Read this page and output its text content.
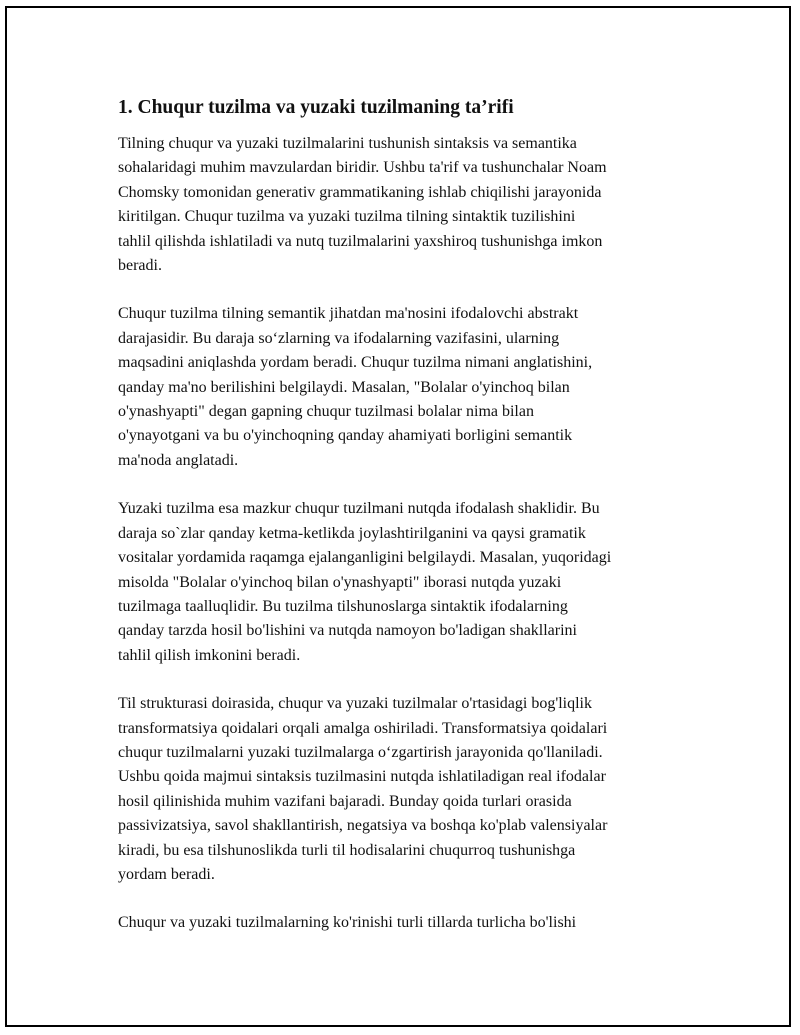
1. Chuqur tuzilma va yuzaki tuzilmaning ta’rifi

Tilning chuqur va yuzaki tuzilmalarini tushunish sintaksis va semantika
sohalaridagi muhim mavzulardan biridir. Ushbu ta'rif va tushunchalar Noam
Chomsky tomonidan generativ grammatikaning ishlab chiqilishi jarayonida
kiritilgan. Chuqur tuzilma va yuzaki tuzilma tilning sintaktik tuzilishini
tahlil qilishda ishlatiladi va nutq tuzilmalarini yaxshiroq tushunishga imkon
beradi.

Chuqur tuzilma tilning semantik jihatdan ma'nosini ifodalovchi abstrakt
darajasidir. Bu daraja so‘zlarning va ifodalarning vazifasini, ularning
maqsadini aniqlashda yordam beradi. Chuqur tuzilma nimani anglatishini,
qanday ma'no berilishini belgilaydi. Masalan, "Bolalar o'yinchoq bilan
o'ynashyapti" degan gapning chuqur tuzilmasi bolalar nima bilan
o'ynayotgani va bu o'yinchoqning qanday ahamiyati borligini semantik
ma'noda anglatadi.

Yuzaki tuzilma esa mazkur chuqur tuzilmani nutqda ifodalash shaklidir. Bu
daraja so`zlar qanday ketma-ketlikda joylashtirilganini va qaysi gramatik
vositalar yordamida raqamga ejalanganligini belgilaydi. Masalan, yuqoridagi
misolda "Bolalar o'yinchoq bilan o'ynashyapti" iborasi nutqda yuzaki
tuzilmaga taalluqlidir. Bu tuzilma tilshunoslarga sintaktik ifodalarning
qanday tarzda hosil bo'lishini va nutqda namoyon bo'ladigan shakllarini
tahlil qilish imkonini beradi.

Til strukturasi doirasida, chuqur va yuzaki tuzilmalar o'rtasidagi bog'liqlik
transformatsiya qoidalari orqali amalga oshiriladi. Transformatsiya qoidalari
chuqur tuzilmalarni yuzaki tuzilmalarga o‘zgartirish jarayonida qo'llaniladi.
Ushbu qoida majmui sintaksis tuzilmasini nutqda ishlatiladigan real ifodalar
hosil qilinishida muhim vazifani bajaradi. Bunday qoida turlari orasida
passivizatsiya, savol shakllantirish, negatsiya va boshqa ko'plab valensiyalar
kiradi, bu esa tilshunoslikda turli til hodisalarini chuqurroq tushunishga
yordam beradi.

Chuqur va yuzaki tuzilmalarning ko'rinishi turli tillarda turlicha bo'lishi
